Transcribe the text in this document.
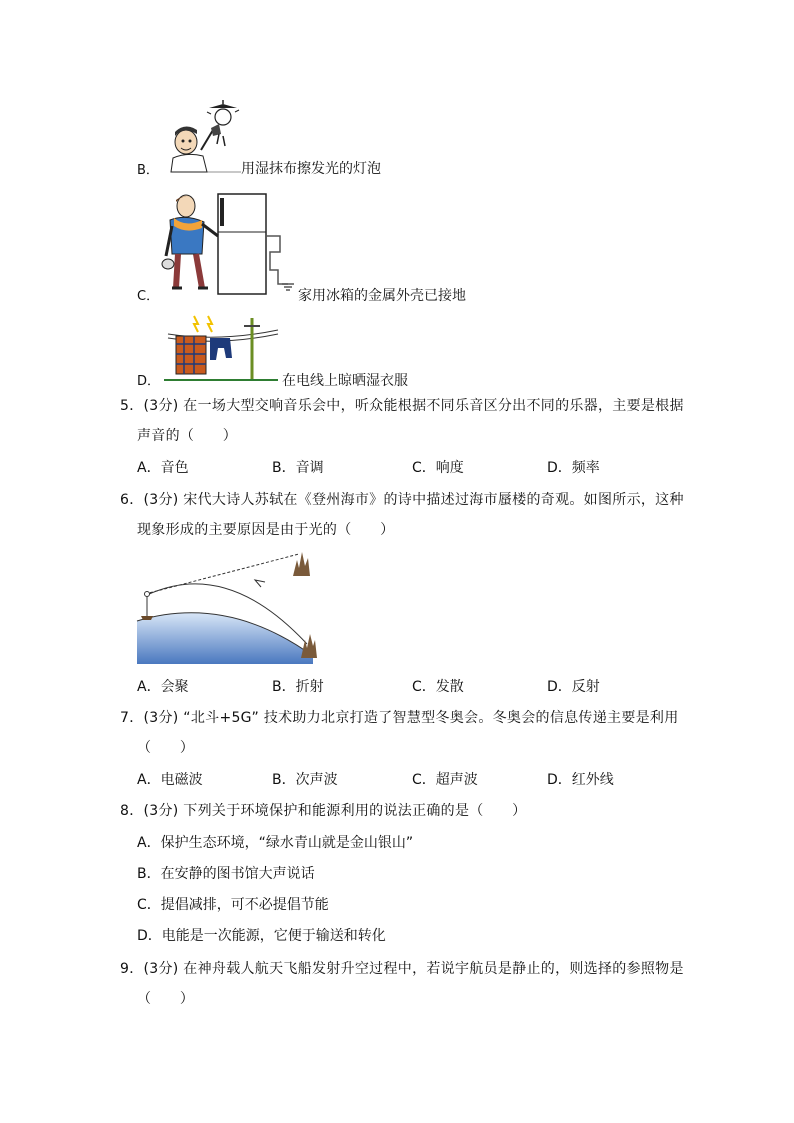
B．	用湿抹布擦发光的灯泡
C．	家用冰箱的金属外壳已接地
D．	在电线上晾晒湿衣服
5．(3分) 在一场大型交响音乐会中，听众能根据不同乐音区分出不同的乐器，主要是根据
声音的（　　）
A．音色	B．音调	C．响度	D．频率
6．(3分) 宋代大诗人苏轼在《登州海市》的诗中描述过海市蜃楼的奇观。如图所示，这种
现象形成的主要原因是由于光的（　　）
A．会聚	B．折射	C．发散	D．反射
7．(3分) “北斗+5G” 技术助力北京打造了智慧型冬奥会。冬奥会的信息传递主要是利用
（　　）
A．电磁波	B．次声波	C．超声波	D．红外线
8．(3分) 下列关于环境保护和能源利用的说法正确的是（　　）
A．保护生态环境，“绿水青山就是金山银山”
B．在安静的图书馆大声说话
C．提倡减排，可不必提倡节能
D．电能是一次能源，它便于输送和转化
9．(3分) 在神舟载人航天飞船发射升空过程中，若说宇航员是静止的，则选择的参照物是
（　　）
